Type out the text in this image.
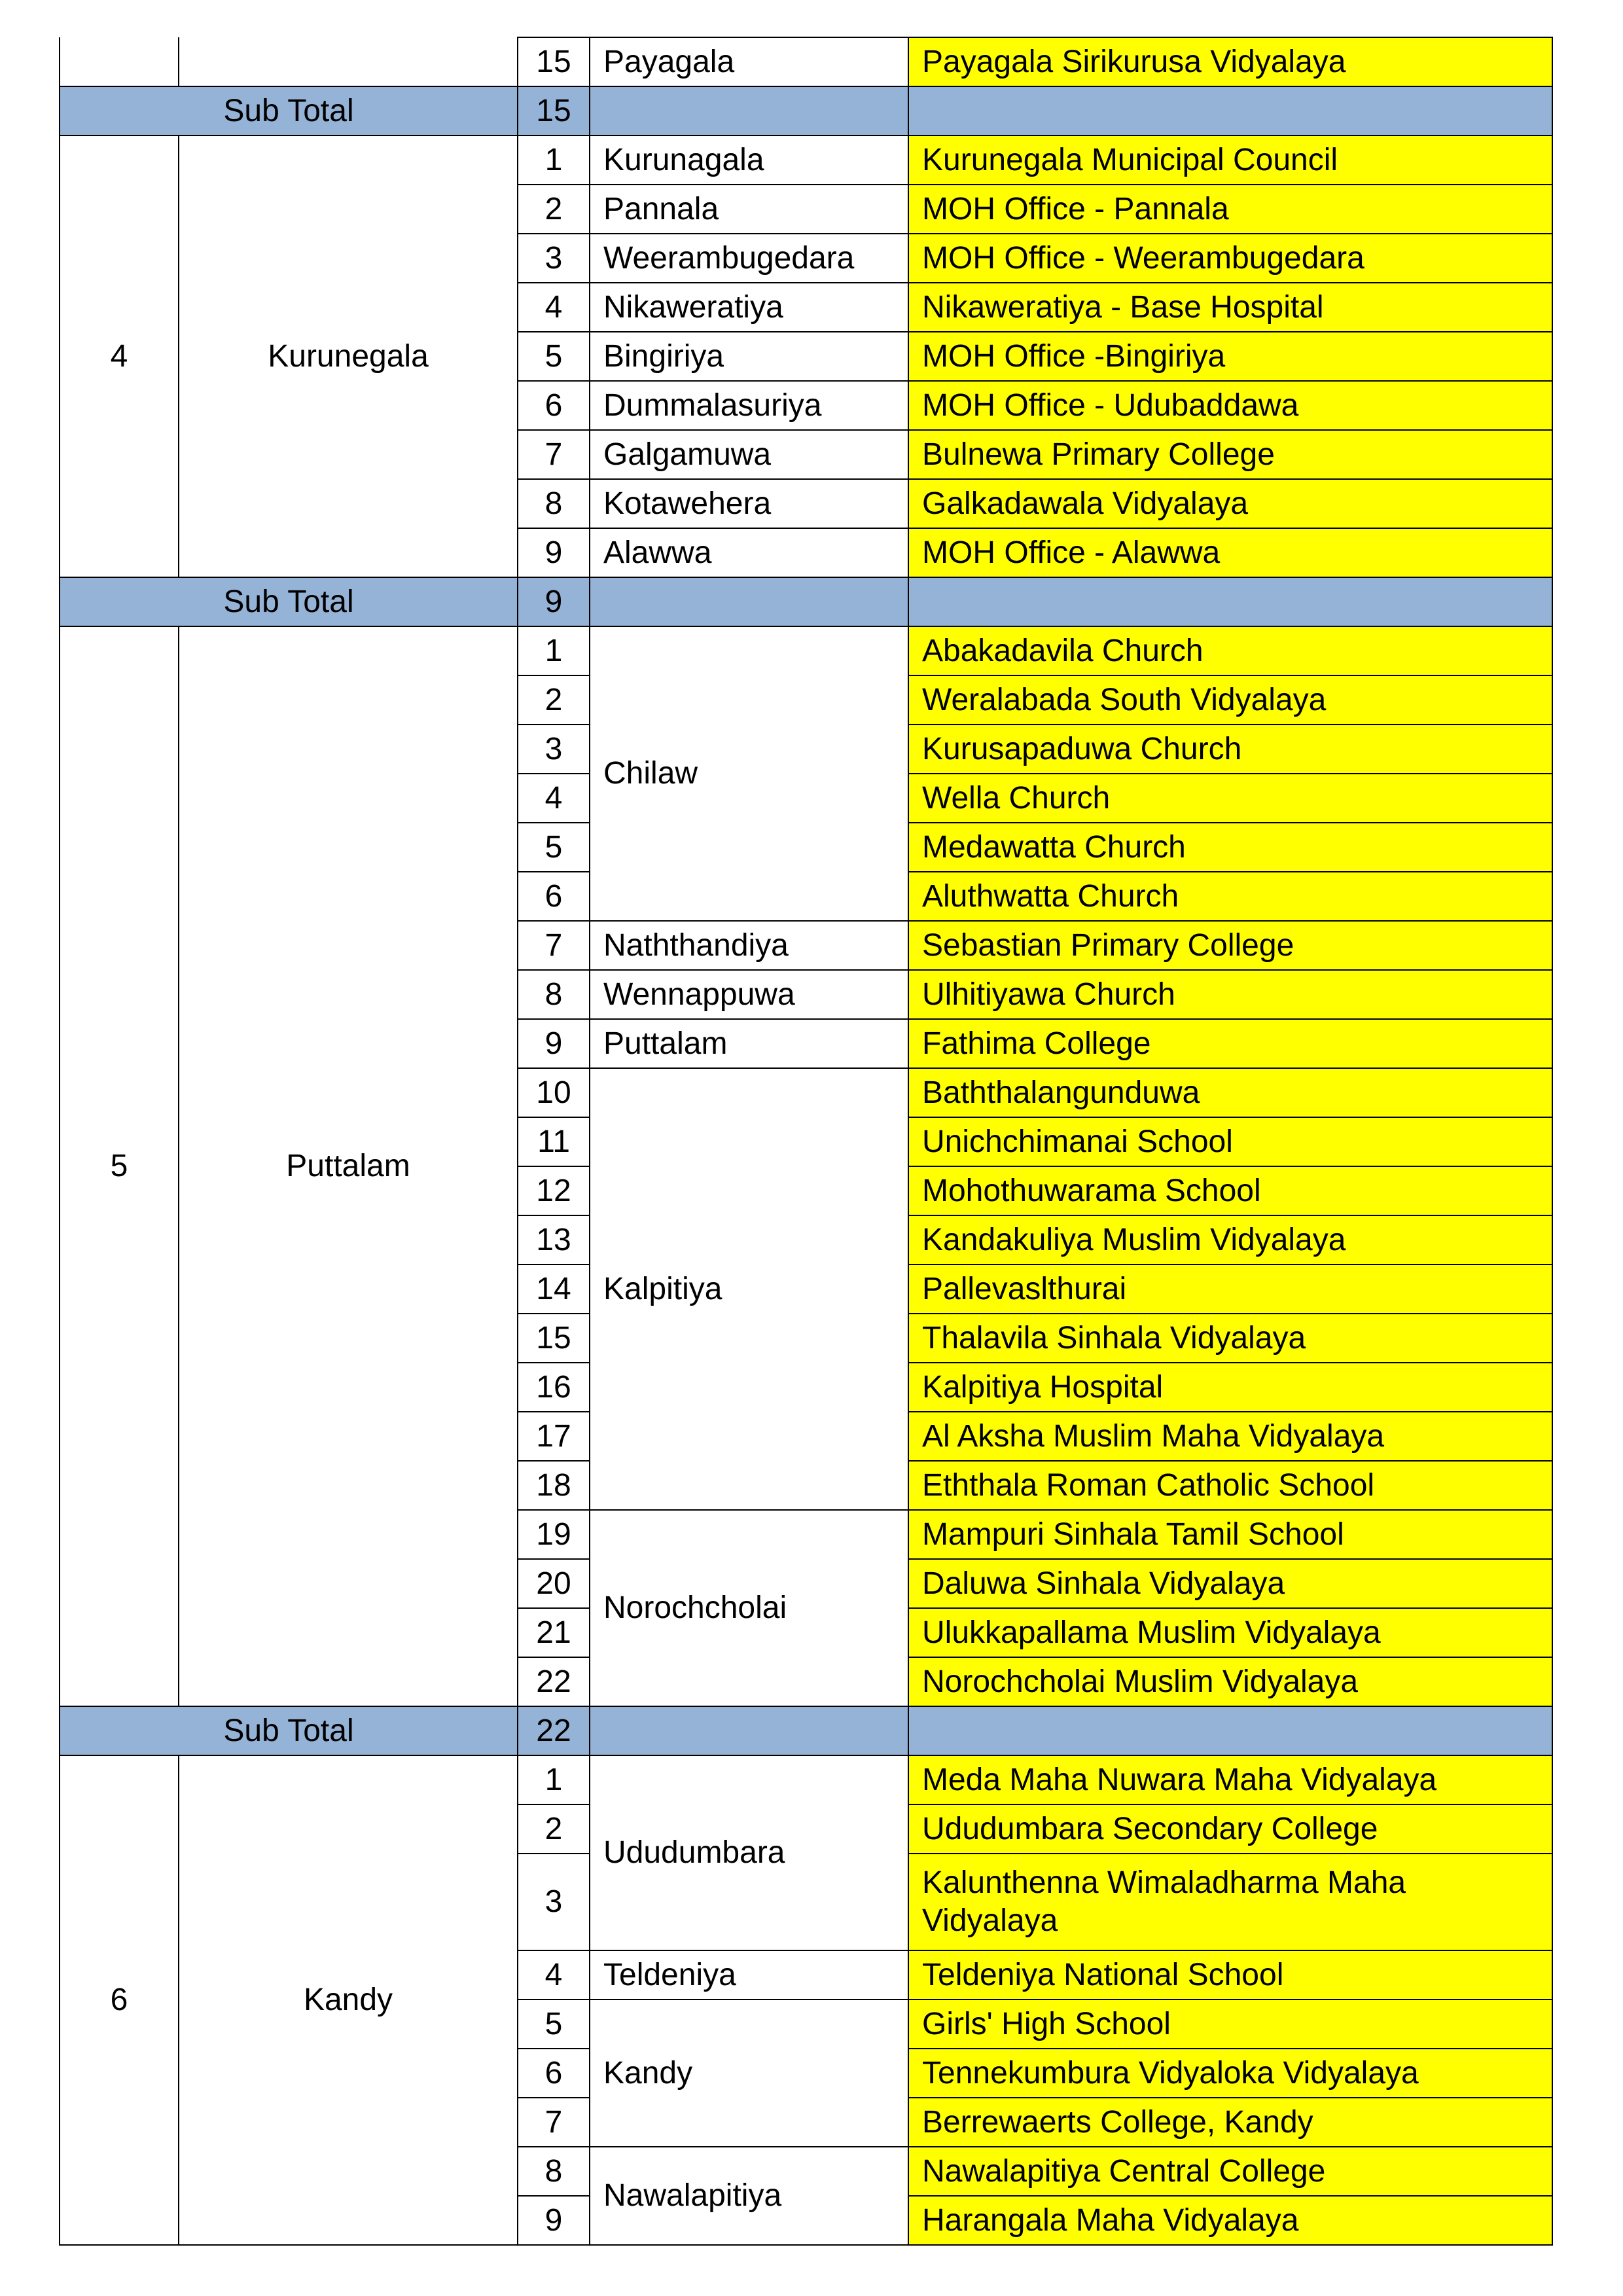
		15	Payagala	Payagala Sirikurusa Vidyalaya
Sub Total		15		
4	Kurunegala	1	Kurunagala	Kurunegala Municipal Council
		2	Pannala	MOH Office - Pannala
		3	Weerambugedara	MOH Office - Weerambugedara
		4	Nikaweratiya	Nikaweratiya - Base Hospital
		5	Bingiriya	MOH Office -Bingiriya
		6	Dummalasuriya	MOH Office - Udubaddawa
		7	Galgamuwa	Bulnewa Primary College
		8	Kotawehera	Galkadawala Vidyalaya
		9	Alawwa	MOH Office - Alawwa
Sub Total		9		
5	Puttalam	1	Chilaw	Abakadavila Church
		2		Weralabada South Vidyalaya
		3		Kurusapaduwa Church
		4		Wella Church
		5		Medawatta Church
		6		Aluthwatta Church
		7	Naththandiya	Sebastian Primary College
		8	Wennappuwa	Ulhitiyawa Church
		9	Puttalam	Fathima College
		10	Kalpitiya	Baththalangunduwa
		11		Unichchimanai School
		12		Mohothuwarama School
		13		Kandakuliya Muslim Vidyalaya
		14		Pallevaslthurai
		15		Thalavila Sinhala Vidyalaya
		16		Kalpitiya Hospital
		17		Al Aksha Muslim Maha Vidyalaya
		18		Eththala Roman Catholic School
		19	Norochcholai	Mampuri Sinhala Tamil School
		20		Daluwa Sinhala Vidyalaya
		21		Ulukkapallama Muslim Vidyalaya
		22		Norochcholai Muslim Vidyalaya
Sub Total		22		
6	Kandy	1	Ududumbara	Meda Maha Nuwara Maha Vidyalaya
		2		Ududumbara Secondary College
		3		Kalunthenna Wimaladharma Maha Vidyalaya
		4	Teldeniya	Teldeniya National School
		5	Kandy	Girls' High School
		6		Tennekumbura Vidyaloka Vidyalaya
		7		Berrewaerts College, Kandy
		8	Nawalapitiya	Nawalapitiya Central College
		9		Harangala Maha Vidyalaya
